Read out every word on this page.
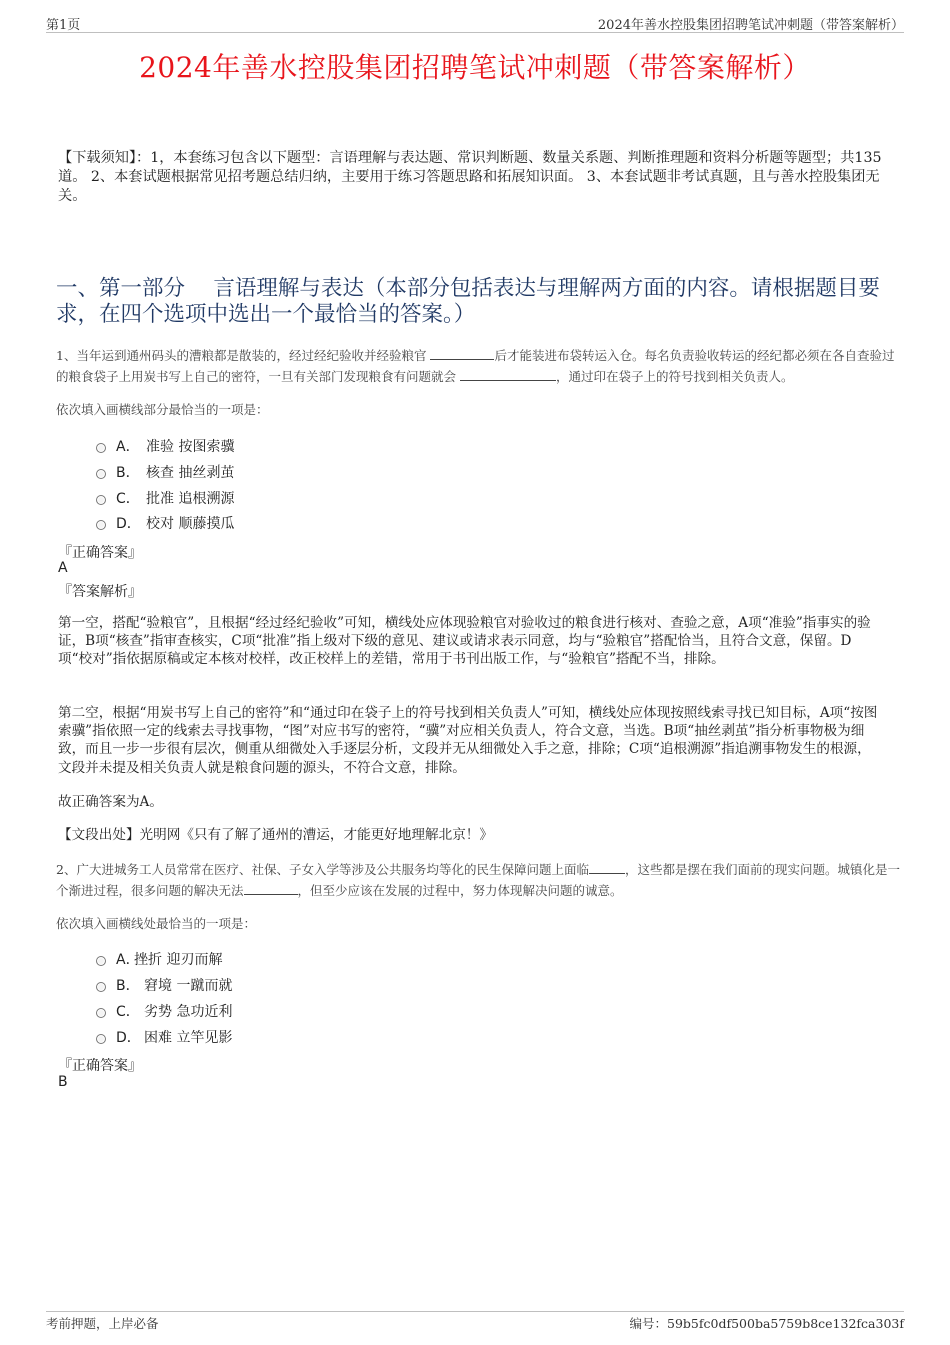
第1页	2024年善水控股集团招聘笔试冲刺题（带答案解析）
2024年善水控股集团招聘笔试冲刺题（带答案解析）
【下载须知】：1，本套练习包含以下题型：言语理解与表达题、常识判断题、数量关系题、判断推理题和资料分析题等题型；共135道。 2、本套试题根据常见招考题总结归纳，主要用于练习答题思路和拓展知识面。 3、本套试题非考试真题，且与善水控股集团无关。
一、第一部分　 言语理解与表达（本部分包括表达与理解两方面的内容。请根据题目要求，在四个选项中选出一个最恰当的答案。）
1、当年运到通州码头的漕粮都是散装的，经过经纪验收并经验粮官	后才能装进布袋转运入仓。每名负责验收转运的经纪都必须在各自查验过的粮食袋子上用炭书写上自己的密符，一旦有关部门发现粮食有问题就会	，通过印在袋子上的符号找到相关负责人。
依次填入画横线部分最恰当的一项是：
A． 准验 按图索骥
B． 核查 抽丝剥茧
C． 批准 追根溯源
D． 校对 顺藤摸瓜
『正确答案』
A
『答案解析』
第一空，搭配“验粮官”，且根据“经过经纪验收”可知，横线处应体现验粮官对验收过的粮食进行核对、查验之意，A项“准验”指事实的验证，B项“核查”指审查核实，C项“批准”指上级对下级的意见、建议或请求表示同意，均与“验粮官”搭配恰当，且符合文意，保留。D项“校对”指依据原稿或定本核对校样，改正校样上的差错，常用于书刊出版工作，与“验粮官”搭配不当，排除。
第二空，根据“用炭书写上自己的密符”和“通过印在袋子上的符号找到相关负责人”可知，横线处应体现按照线索寻找已知目标，A项“按图索骥”指依照一定的线索去寻找事物，“图”对应书写的密符，“骥”对应相关负责人，符合文意，当选。B项“抽丝剥茧”指分析事物极为细致，而且一步一步很有层次，侧重从细微处入手逐层分析，文段并无从细微处入手之意，排除；C项“追根溯源”指追溯事物发生的根源，文段并未提及相关负责人就是粮食问题的源头，不符合文意，排除。
故正确答案为A。
【文段出处】光明网《只有了解了通州的漕运，才能更好地理解北京！》
2、广大进城务工人员常常在医疗、社保、子女入学等涉及公共服务均等化的民生保障问题上面临	，这些都是摆在我们面前的现实问题。城镇化是一个渐进过程，很多问题的解决无法	，但至少应该在发展的过程中，努力体现解决问题的诚意。
依次填入画横线处最恰当的一项是：
A．
挫折 迎刃而解
B． 窘境 一蹴而就
C． 劣势 急功近利
D． 困难 立竿见影
『正确答案』
B
考前押题，上岸必备	编号：59b5fc0df500ba5759b8ce132fca303f
